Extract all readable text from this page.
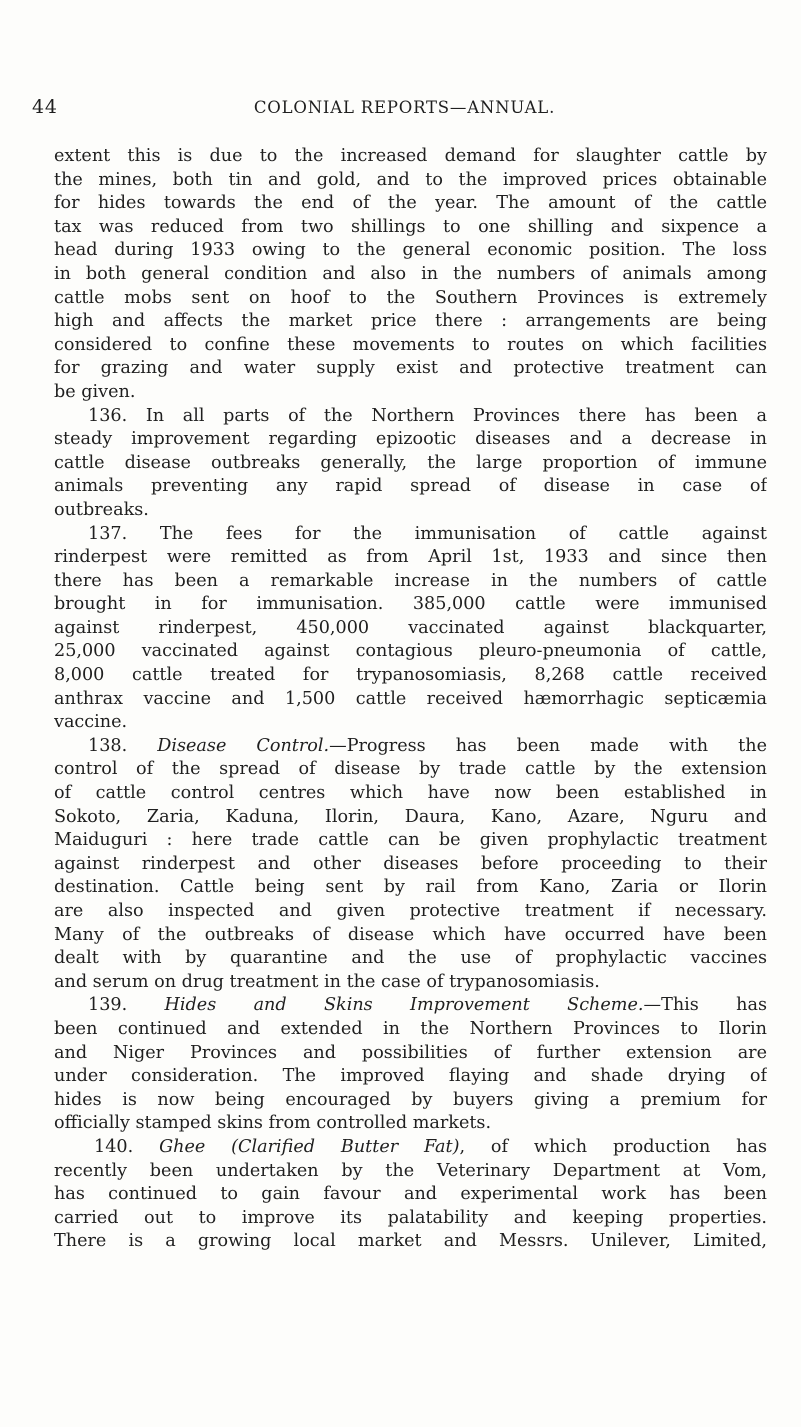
44	COLONIAL REPORTS—ANNUAL.
extent this is due to the increased demand for slaughter cattle by
the mines, both tin and gold, and to the improved prices obtainable
for hides towards the end of the year. The amount of the cattle
tax was reduced from two shillings to one shilling and sixpence a
head during 1933 owing to the general economic position. The loss
in both general condition and also in the numbers of animals among
cattle mobs sent on hoof to the Southern Provinces is extremely
high and affects the market price there : arrangements are being
considered to confine these movements to routes on which facilities
for grazing and water supply exist and protective treatment can
be given.
136. In all parts of the Northern Provinces there has been a
steady improvement regarding epizootic diseases and a decrease in
cattle disease outbreaks generally, the large proportion of immune
animals preventing any rapid spread of disease in case of
outbreaks.
137. The fees for the immunisation of cattle against
rinderpest were remitted as from April 1st, 1933 and since then
there has been a remarkable increase in the numbers of cattle
brought in for immunisation. 385,000 cattle were immunised
against rinderpest, 450,000 vaccinated against blackquarter,
25,000 vaccinated against contagious pleuro-pneumonia of cattle,
8,000 cattle treated for trypanosomiasis, 8,268 cattle received
anthrax vaccine and 1,500 cattle received hæmorrhagic septicæmia
vaccine.
138. Disease Control.—Progress has been made with the
control of the spread of disease by trade cattle by the extension
of cattle control centres which have now been established in
Sokoto, Zaria, Kaduna, Ilorin, Daura, Kano, Azare, Nguru and
Maiduguri : here trade cattle can be given prophylactic treatment
against rinderpest and other diseases before proceeding to their
destination. Cattle being sent by rail from Kano, Zaria or Ilorin
are also inspected and given protective treatment if necessary.
Many of the outbreaks of disease which have occurred have been
dealt with by quarantine and the use of prophylactic vaccines
and serum on drug treatment in the case of trypanosomiasis.
139. Hides and Skins Improvement Scheme.—This has
been continued and extended in the Northern Provinces to Ilorin
and Niger Provinces and possibilities of further extension are
under consideration. The improved flaying and shade drying of
hides is now being encouraged by buyers giving a premium for
officially stamped skins from controlled markets.
140. Ghee (Clarified Butter Fat), of which production has
recently been undertaken by the Veterinary Department at Vom,
has continued to gain favour and experimental work has been
carried out to improve its palatability and keeping properties.
There is a growing local market and Messrs. Unilever, Limited,
